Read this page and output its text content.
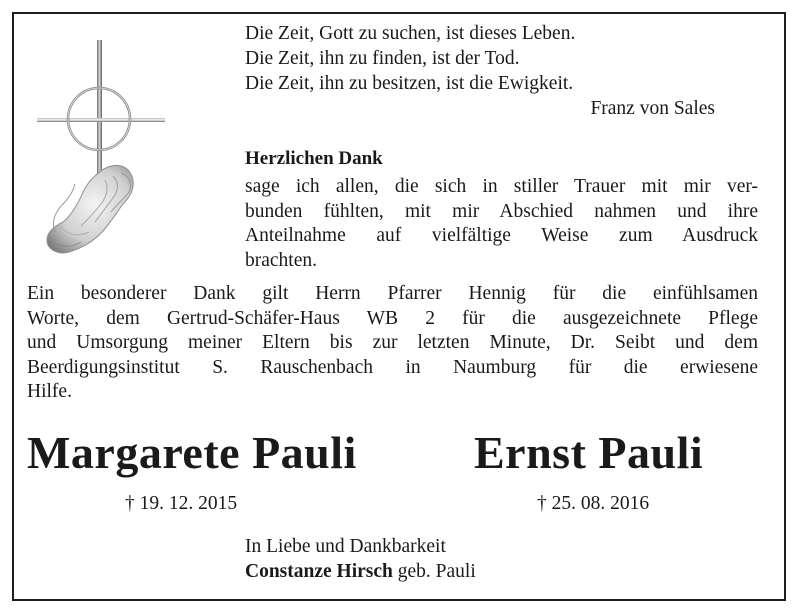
Die Zeit, Gott zu suchen, ist dieses Leben.
Die Zeit, ihn zu finden, ist der Tod.
Die Zeit, ihn zu besitzen, ist die Ewigkeit.
Franz von Sales
Herzlichen Dank
sage ich allen, die sich in stiller Trauer mit mir ver-
bunden fühlten, mit mir Abschied nahmen und ihre
Anteilnahme auf vielfältige Weise zum Ausdruck
brachten.
Ein besonderer Dank gilt Herrn Pfarrer Hennig für die einfühlsamen
Worte, dem Gertrud-Schäfer-Haus WB 2 für die ausgezeichnete Pflege
und Umsorgung meiner Eltern bis zur letzten Minute, Dr. Seibt und dem
Beerdigungsinstitut S. Rauschenbach in Naumburg für die erwiesene
Hilfe.
Margarete Pauli	Ernst Pauli
† 19. 12. 2015	† 25. 08. 2016
In Liebe und Dankbarkeit
Constanze Hirsch geb. Pauli
